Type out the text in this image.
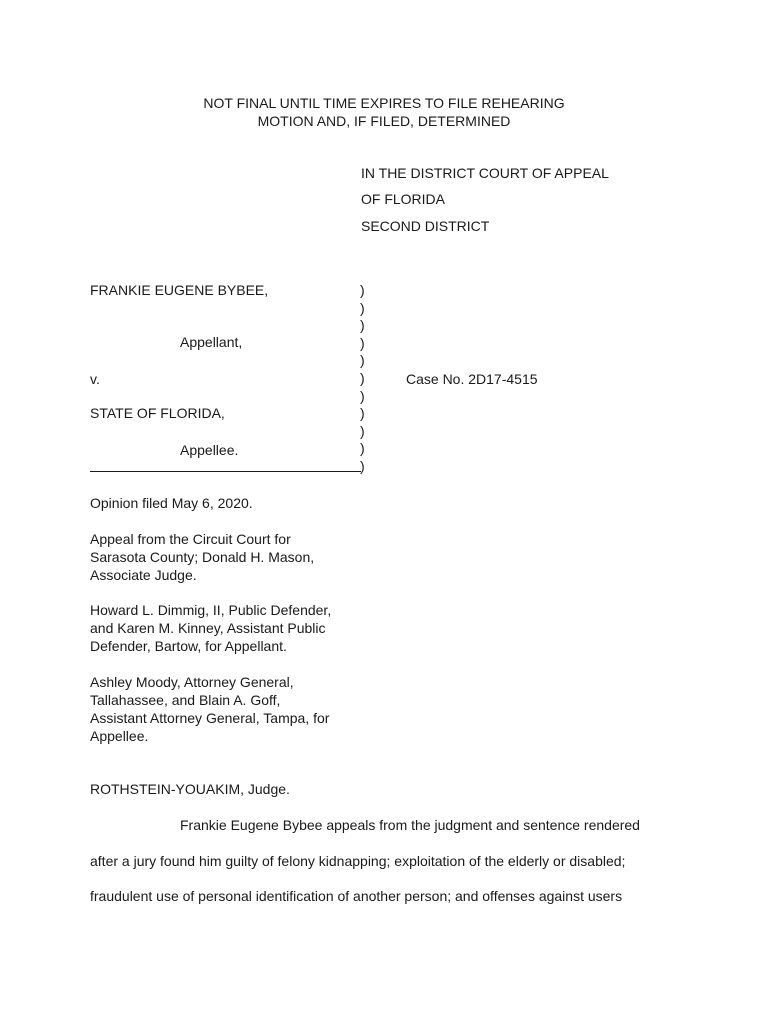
NOT FINAL UNTIL TIME EXPIRES TO FILE REHEARING
MOTION AND, IF FILED, DETERMINED
IN THE DISTRICT COURT OF APPEAL
OF FLORIDA
SECOND DISTRICT
FRANKIE EUGENE BYBEE,
Appellant,
v.
STATE OF FLORIDA,
Appellee.
)
)
)
)
)
)
)
)
)
)
)
Case No. 2D17-4515
Opinion filed May 6, 2020.
Appeal from the Circuit Court for
Sarasota County; Donald H. Mason,
Associate Judge.
Howard L. Dimmig, II, Public Defender,
and Karen M. Kinney, Assistant Public
Defender, Bartow, for Appellant.
Ashley Moody, Attorney General,
Tallahassee, and Blain A. Goff,
Assistant Attorney General, Tampa, for
Appellee.
ROTHSTEIN-YOUAKIM, Judge.
Frankie Eugene Bybee appeals from the judgment and sentence rendered
after a jury found him guilty of felony kidnapping; exploitation of the elderly or disabled;
fraudulent use of personal identification of another person; and offenses against users
